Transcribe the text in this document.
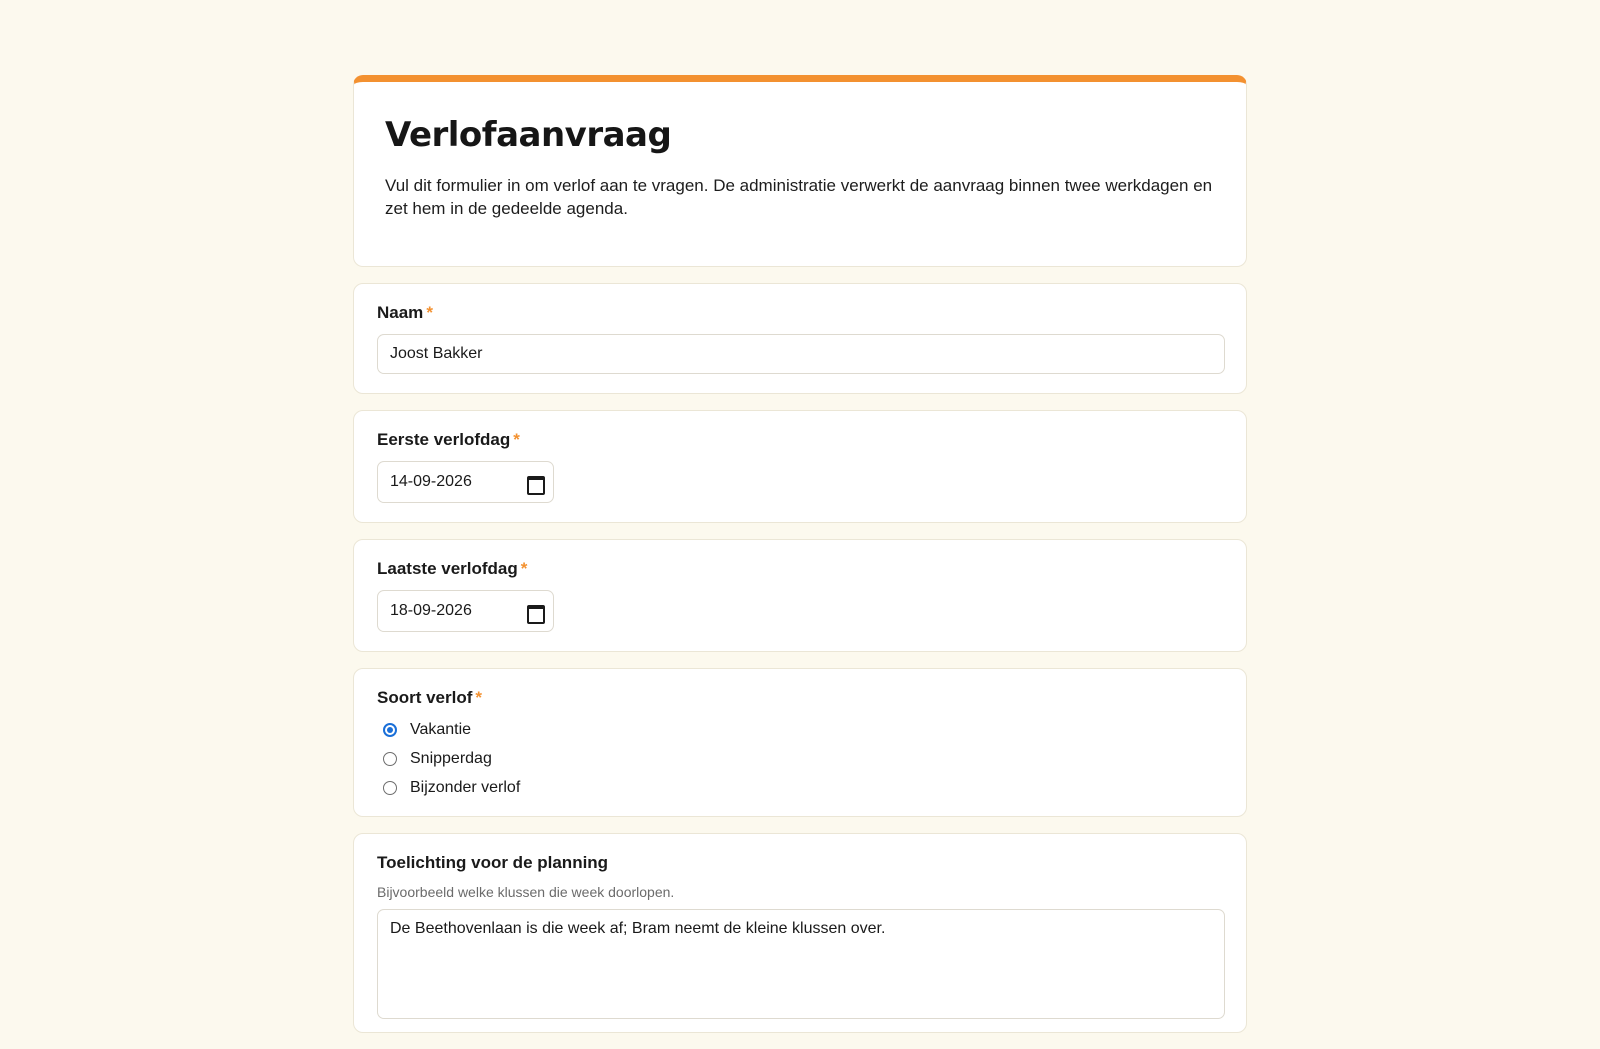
Verlofaanvraag
Vul dit formulier in om verlof aan te vragen. De administratie verwerkt de aanvraag binnen twee werkdagen en zet hem in de gedeelde agenda.
Naam *
Joost Bakker
Eerste verlofdag *
14-09-2026
Laatste verlofdag *
18-09-2026
Soort verlof *
Vakantie
Snipperdag
Bijzonder verlof
Toelichting voor de planning
Bijvoorbeeld welke klussen die week doorlopen.
De Beethovenlaan is die week af; Bram neemt de kleine klussen over.
